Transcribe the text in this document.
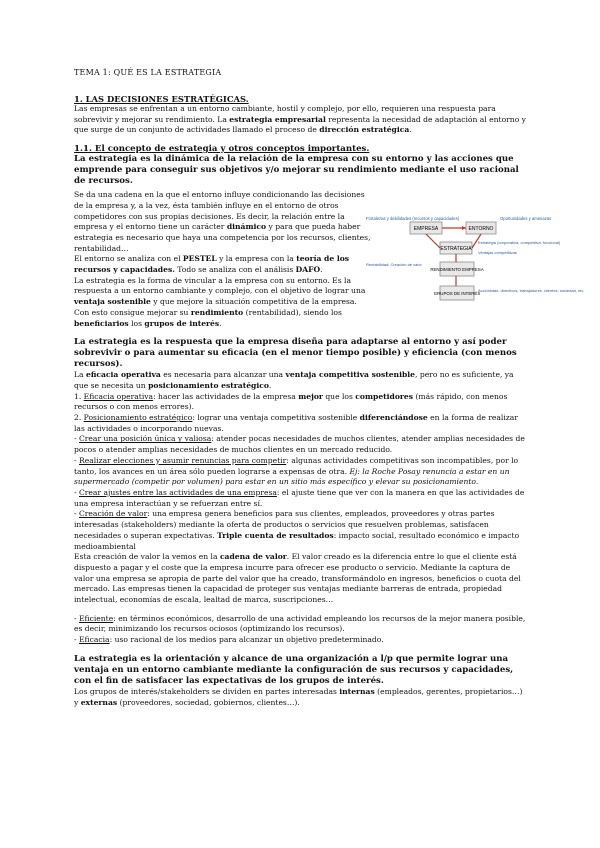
TEMA 1: QUÉ ES LA ESTRATEGIA

1. LAS DECISIONES ESTRATÉGICAS.

Las empresas se enfrentan a un entorno cambiante, hostil y complejo, por ello, requieren una respuesta para sobrevivir y mejorar su rendimiento. La estrategia empresarial representa la necesidad de adaptación al entorno y que surge de un conjunto de actividades llamado el proceso de dirección estratégica.

1.1. El concepto de estrategia y otros conceptos importantes.

La estrategia es la dinámica de la relación de la empresa con su entorno y las acciones que emprende para conseguir sus objetivos y/o mejorar su rendimiento mediante el uso racional de recursos.

Se da una cadena en la que el entorno influye condicionando las decisiones de la empresa y, a la vez, ésta también influye en el entorno de otros competidores con sus propias decisiones. Es decir, la relación entre la empresa y el entorno tiene un carácter dinámico y para que pueda haber estrategia es necesario que haya una competencia por los recursos, clientes, rentabilidad…

El entorno se analiza con el PESTEL y la empresa con la teoría de los recursos y capacidades. Todo se analiza con el análisis DAFO.

La estrategia es la forma de vincular a la empresa con su entorno. Es la respuesta a un entorno cambiante y complejo, con el objetivo de lograr una ventaja sostenible y que mejore la situación competitiva de la empresa. Con esto consigue mejorar su rendimiento (rentabilidad), siendo los beneficiarios los grupos de interés.

Fortalezas y debilidades (recursos y capacidades)
EMPRESA	ENTORNO
Oportunidades y amenazas
ESTRATEGIA
Estrategia (corporativa, competitiva, funcional)
Ventajas competitivas
RENDIMIENTO EMPRESA
Rentabilidad: Creación de valor
GRUPOS DE INTERÉS
Accionistas, directivos, trabajadores, clientes, sociedad, etc.

La estrategia es la respuesta que la empresa diseña para adaptarse al entorno y así poder sobrevivir o para aumentar su eficacia (en el menor tiempo posible) y eficiencia (con menos recursos).

La eficacia operativa es necesaria para alcanzar una ventaja competitiva sostenible, pero no es suficiente, ya que se necesita un posicionamiento estratégico.

1. Eficacia operativa: hacer las actividades de la empresa mejor que los competidores (más rápido, con menos recursos o con menos errores).

2. Posicionamiento estratégico: lograr una ventaja competitiva sostenible diferenciándose en la forma de realizar las actividades o incorporando nuevas.

- Crear una posición única y valiosa: atender pocas necesidades de muchos clientes, atender amplias necesidades de pocos o atender amplias necesidades de muchos clientes en un mercado reducido.

- Realizar elecciones y asumir renuncias para competir: algunas actividades competitivas son incompatibles, por lo tanto, los avances en un área sólo pueden lograrse a expensas de otra. Ej: la Roche Posay renuncia a estar en un supermercado (competir por volumen) para estar en un sitio más específico y elevar su posicionamiento.

- Crear ajustes entre las actividades de una empresa: el ajuste tiene que ver con la manera en que las actividades de una empresa interactúan y se refuerzan entre sí.

- Creación de valor: una empresa genera beneficios para sus clientes, empleados, proveedores y otras partes interesadas (stakeholders) mediante la oferta de productos o servicios que resuelven problemas, satisfacen necesidades o superan expectativas. Triple cuenta de resultados: impacto social, resultado económico e impacto medioambiental

Esta creación de valor la vemos en la cadena de valor. El valor creado es la diferencia entre lo que el cliente está dispuesto a pagar y el coste que la empresa incurre para ofrecer ese producto o servicio. Mediante la captura de valor una empresa se apropia de parte del valor que ha creado, transformándolo en ingresos, beneficios o cuota del mercado. Las empresas tienen la capacidad de proteger sus ventajas mediante barreras de entrada, propiedad intelectual, economías de escala, lealtad de marca, suscripciones…

- Eficiente: en términos económicos, desarrollo de una actividad empleando los recursos de la mejor manera posible, es decir, minimizando los recursos ociosos (optimizando los recursos).

- Eficacia: uso racional de los medios para alcanzar un objetivo predeterminado.

La estrategia es la orientación y alcance de una organización a l/p que permite lograr una ventaja en un entorno cambiante mediante la configuración de sus recursos y capacidades, con el fin de satisfacer las expectativas de los grupos de interés.

Los grupos de interés/stakeholders se dividen en partes interesadas internas (empleados, gerentes, propietarios…) y externas (proveedores, sociedad, gobiernos, clientes…).
